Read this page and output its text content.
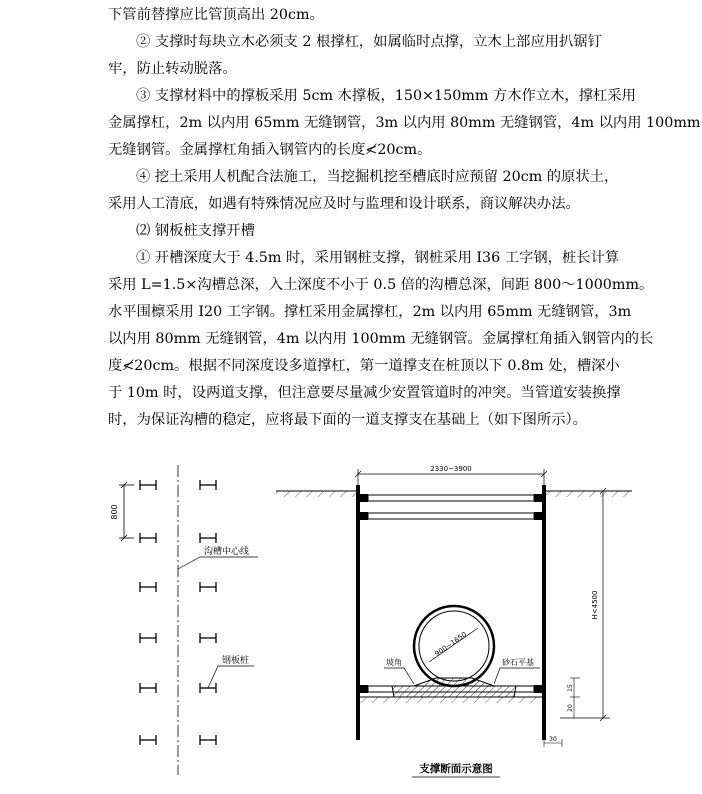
下管前替撑应比管顶高出 20cm。
② 支撑时每块立木必须支 2 根撑杠，如属临时点撑，立木上部应用扒锯钉
牢，防止转动脱落。
③ 支撑材料中的撑板采用 5cm 木撑板，150×150mm 方木作立木，撑杠采用
金属撑杠，2m 以内用 65mm 无缝钢管，3m 以内用 80mm 无缝钢管，4m 以内用 100mm
无缝钢管。金属撑杠角插入钢管内的长度≮20cm。
④ 挖土采用人机配合法施工，当挖掘机挖至槽底时应预留 20cm 的原状土，
采用人工清底，如遇有特殊情况应及时与监理和设计联系，商议解决办法。
⑵ 钢板桩支撑开槽
① 开槽深度大于 4.5m 时，采用钢桩支撑，钢桩采用 I36 工字钢，桩长计算
采用 L=1.5×沟槽总深，入土深度不小于 0.5 倍的沟槽总深，间距 800～1000mm。
水平围檩采用 I20 工字钢。撑杠采用金属撑杠，2m 以内用 65mm 无缝钢管，3m
以内用 80mm 无缝钢管，4m 以内用 100mm 无缝钢管。金属撑杠角插入钢管内的长
度≮20cm。根据不同深度设多道撑杠，第一道撑支在桩顶以下 0.8m 处，槽深小
于 10m 时，设两道支撑，但注意要尽量减少安置管道时的冲突。当管道安装换撑
时，为保证沟槽的稳定，应将最下面的一道支撑支在基础上（如下图所示）。
800
沟槽中心线
钢板桩
2330~3900
H<4500
900~1650
坡角	砂石平基
15
20
30
支撑断面示意图
